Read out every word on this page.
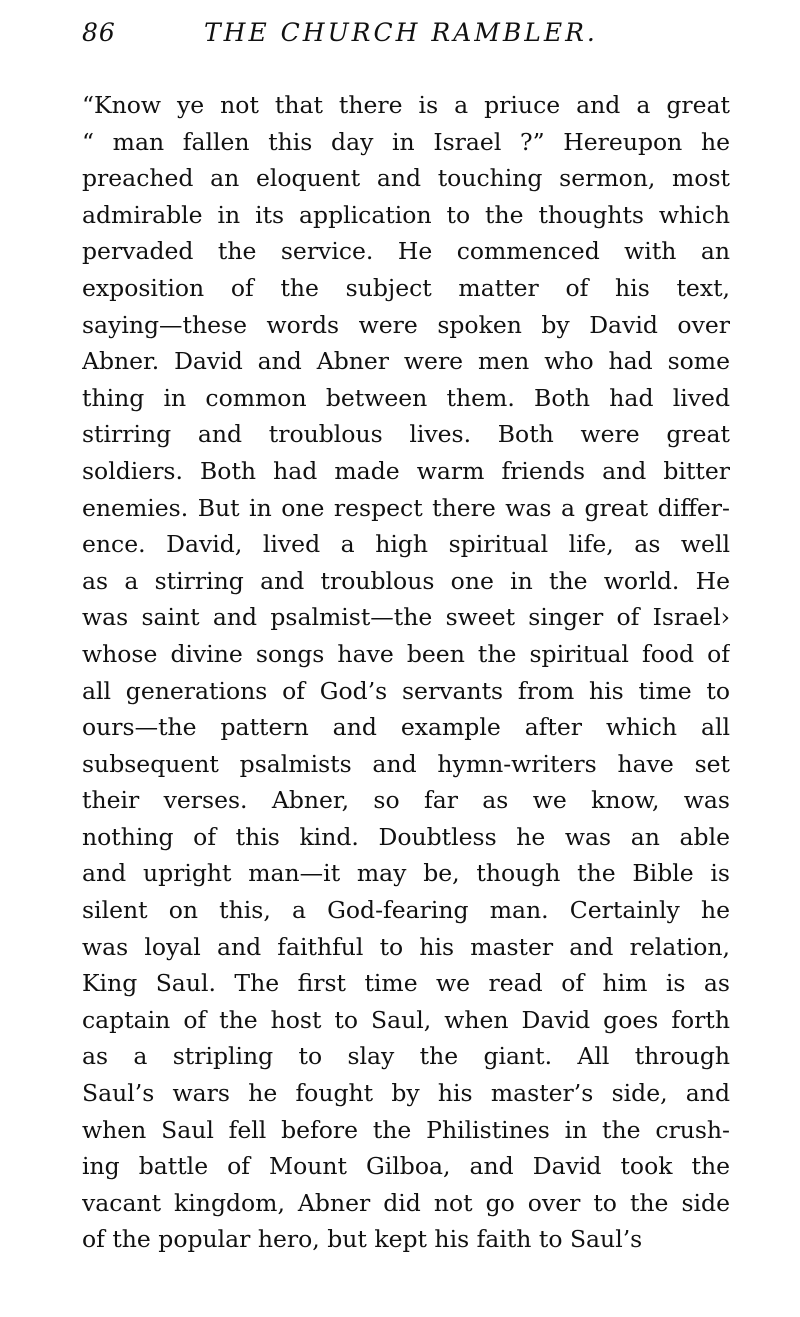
86	THE CHURCH RAMBLER.
“Know ye not that there is a priuce and a great
“ man fallen this day in Israel ?” Hereupon he
preached an eloquent and touching sermon, most
admirable in its application to the thoughts which
pervaded the service. He commenced with an
exposition of the subject matter of his text,
saying—these words were spoken by David over
Abner. David and Abner were men who had some
thing in common between them. Both had lived
stirring and troublous lives. Both were great
soldiers. Both had made warm friends and bitter
enemies. But in one respect there was a great differ-
ence. David, lived a high spiritual life, as well
as a stirring and troublous one in the world. He
was saint and psalmist—the sweet singer of Israel›
whose divine songs have been the spiritual food of
all generations of God’s servants from his time to
ours—the pattern and example after which all
subsequent psalmists and hymn-writers have set
their verses. Abner, so far as we know, was
nothing of this kind. Doubtless he was an able
and upright man—it may be, though the Bible is
silent on this, a God-fearing man. Certainly he
was loyal and faithful to his master and relation,
King Saul. The first time we read of him is as
captain of the host to Saul, when David goes forth
as a stripling to slay the giant. All through
Saul’s wars he fought by his master’s side, and
when Saul fell before the Philistines in the crush-
ing battle of Mount Gilboa, and David took the
vacant kingdom, Abner did not go over to the side
of the popular hero, but kept his faith to Saul’s
